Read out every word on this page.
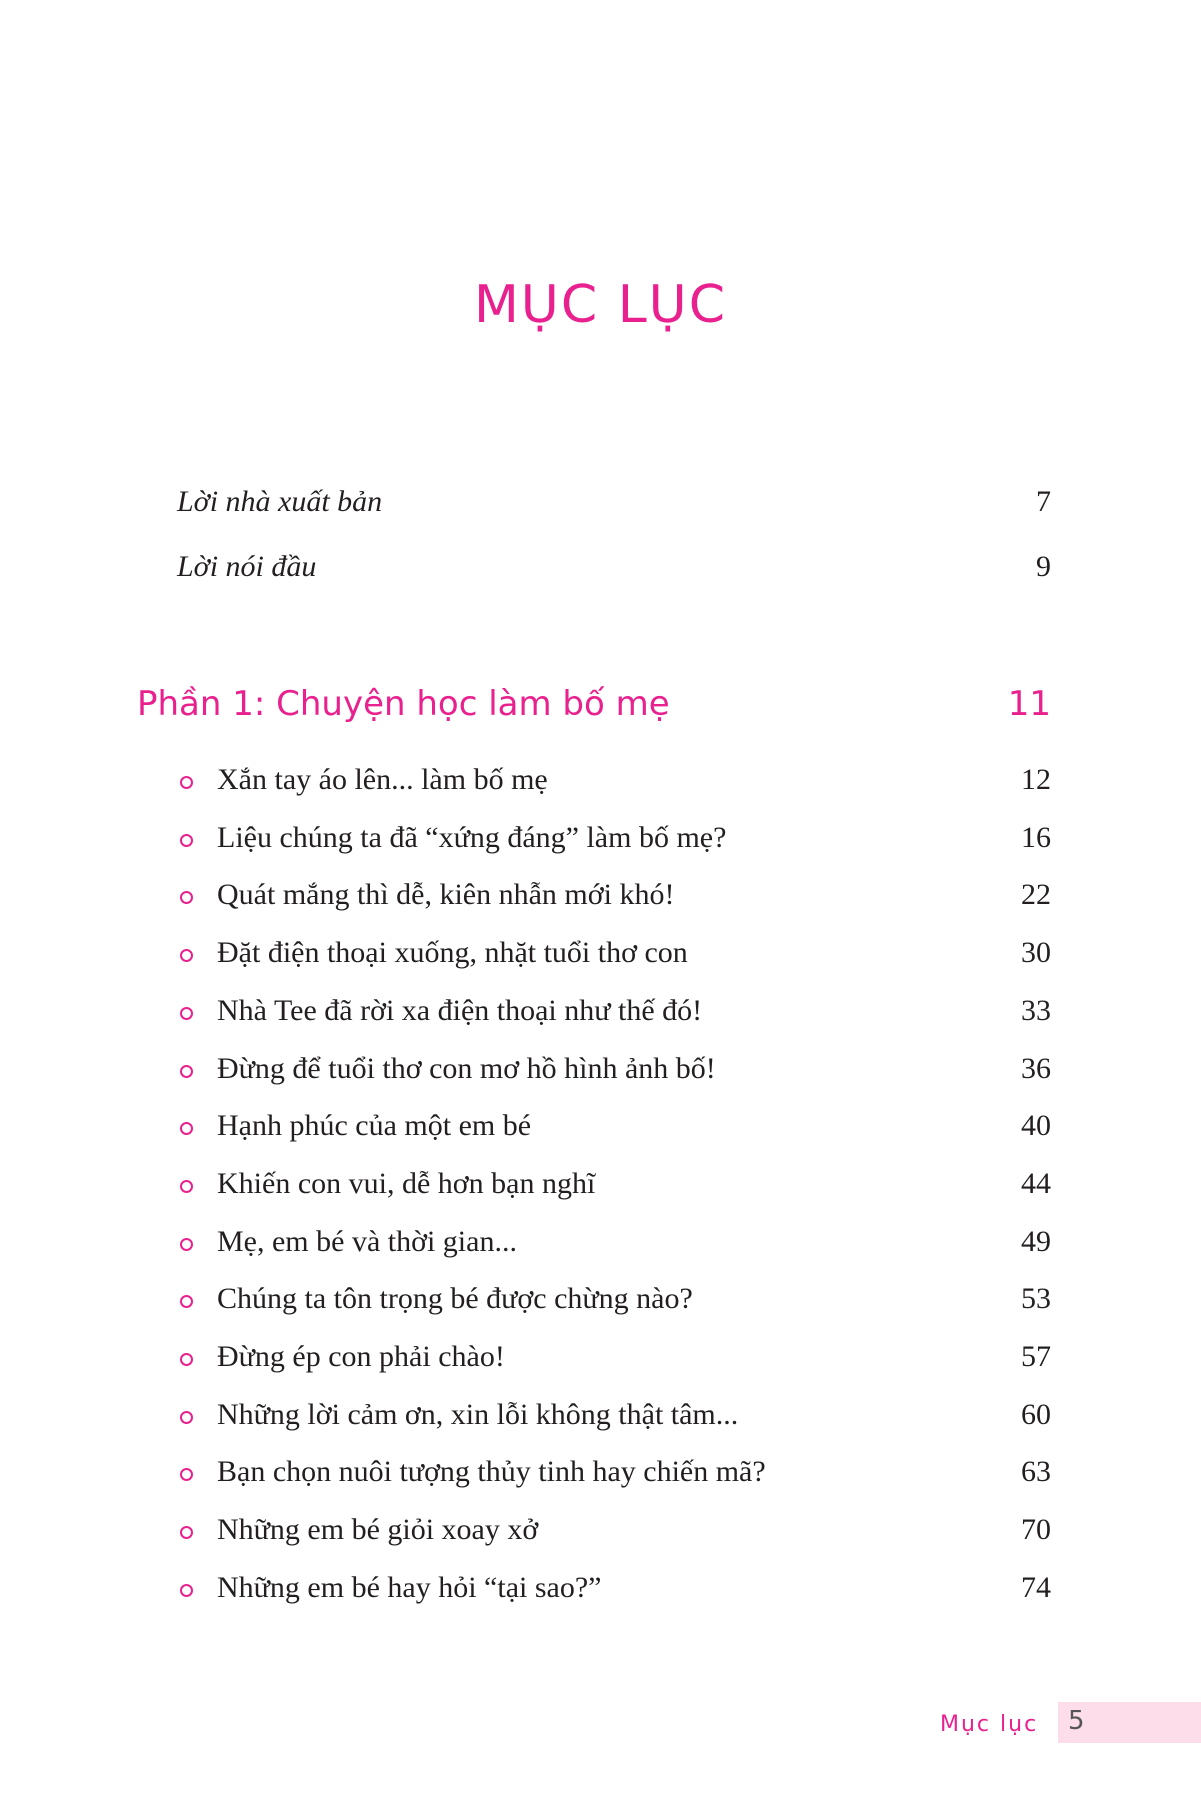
MỤC LỤC
Lời nhà xuất bản	7
Lời nói đầu	9
Phần 1: Chuyện học làm bố mẹ	11
Xắn tay áo lên... làm bố mẹ	12
Liệu chúng ta đã “xứng đáng” làm bố mẹ?	16
Quát mắng thì dễ, kiên nhẫn mới khó!	22
Đặt điện thoại xuống, nhặt tuổi thơ con	30
Nhà Tee đã rời xa điện thoại như thế đó!	33
Đừng để tuổi thơ con mơ hồ hình ảnh bố!	36
Hạnh phúc của một em bé	40
Khiến con vui, dễ hơn bạn nghĩ	44
Mẹ, em bé và thời gian...	49
Chúng ta tôn trọng bé được chừng nào?	53
Đừng ép con phải chào!	57
Những lời cảm ơn, xin lỗi không thật tâm...	60
Bạn chọn nuôi tượng thủy tinh hay chiến mã?	63
Những em bé giỏi xoay xở	70
Những em bé hay hỏi “tại sao?”	74
Mục lục 5
